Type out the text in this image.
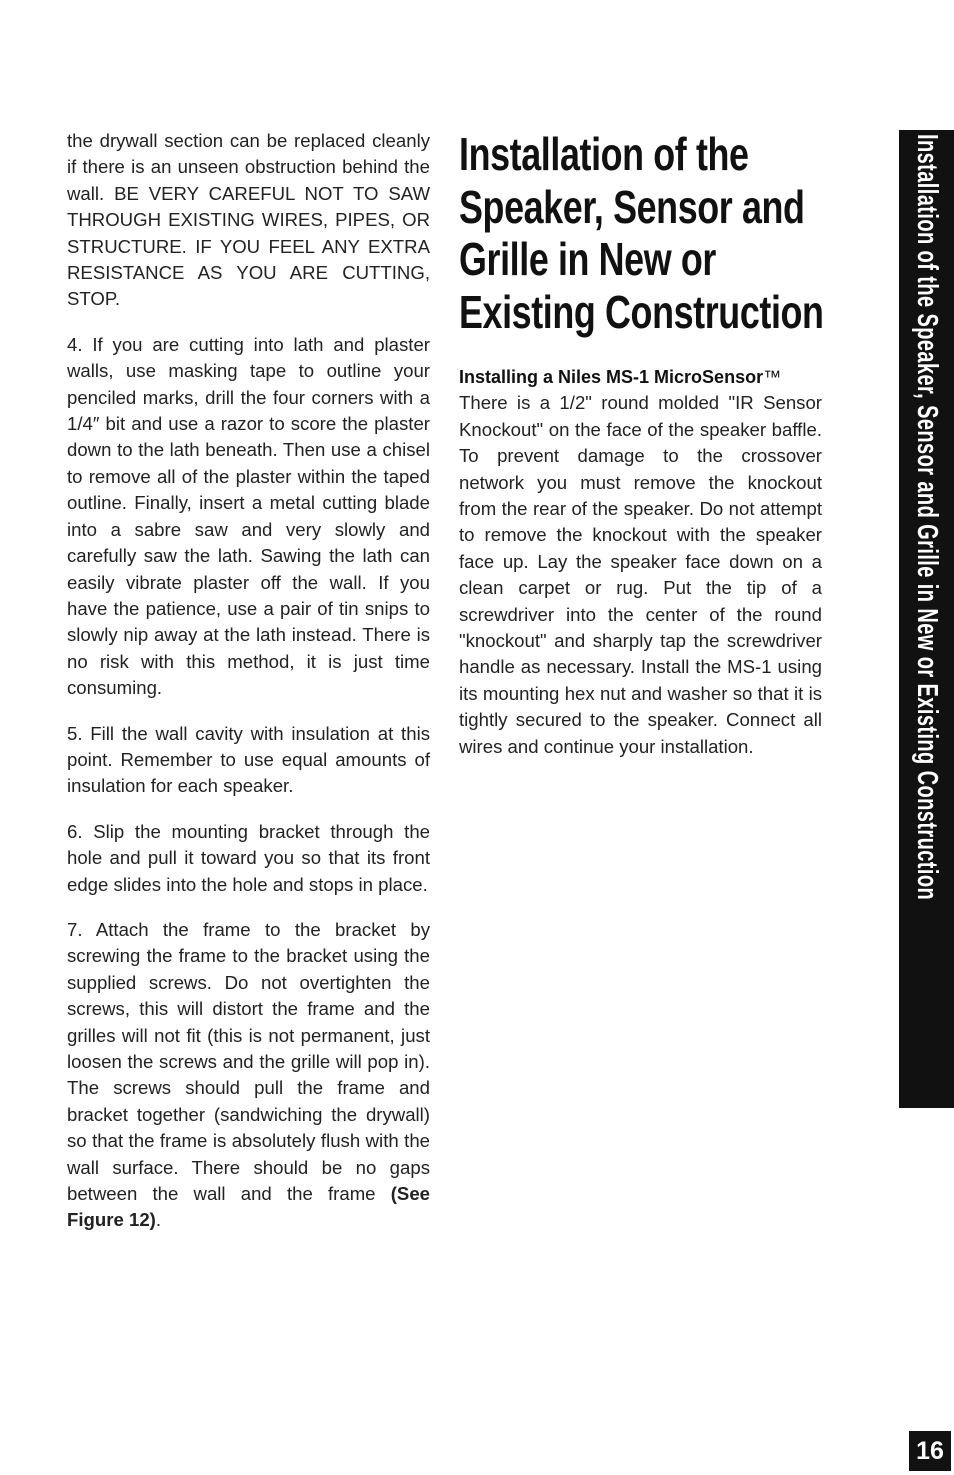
the drywall section can be replaced cleanly if there is an unseen obstruction behind the wall. BE VERY CAREFUL NOT TO SAW THROUGH EXISTING WIRES, PIPES, OR STRUCTURE. IF YOU FEEL ANY EXTRA RESISTANCE AS YOU ARE CUTTING, STOP.

4. If you are cutting into lath and plaster walls, use masking tape to outline your penciled marks, drill the four corners with a 1/4″ bit and use a razor to score the plaster down to the lath beneath. Then use a chisel to remove all of the plaster within the taped outline. Finally, insert a metal cutting blade into a sabre saw and very slowly and carefully saw the lath. Sawing the lath can easily vibrate plaster off the wall. If you have the patience, use a pair of tin snips to slowly nip away at the lath instead. There is no risk with this method, it is just time consuming.

5. Fill the wall cavity with insulation at this point. Remember to use equal amounts of insulation for each speaker.

6. Slip the mounting bracket through the hole and pull it toward you so that its front edge slides into the hole and stops in place.

7. Attach the frame to the bracket by screwing the frame to the bracket using the supplied screws. Do not overtighten the screws, this will distort the frame and the grilles will not fit (this is not permanent, just loosen the screws and the grille will pop in). The screws should pull the frame and bracket together (sandwiching the drywall) so that the frame is absolutely flush with the wall surface. There should be no gaps between the wall and the frame (See Figure 12).

Installation of the
Speaker, Sensor and
Grille in New or
Existing Construction
Installing a Niles MS-1 MicroSensor™

There is a 1/2" round molded "IR Sensor Knockout" on the face of the speaker baffle. To prevent damage to the crossover network you must remove the knockout from the rear of the speaker. Do not attempt to remove the knockout with the speaker face up. Lay the speaker face down on a clean carpet or rug. Put the tip of a screwdriver into the center of the round "knockout" and sharply tap the screwdriver handle as necessary. Install the MS-1 using its mounting hex nut and washer so that it is tightly secured to the speaker. Connect all wires and continue your installation.	Installation of the Speaker, Sensor and Grille in New or Existing Construction
16
